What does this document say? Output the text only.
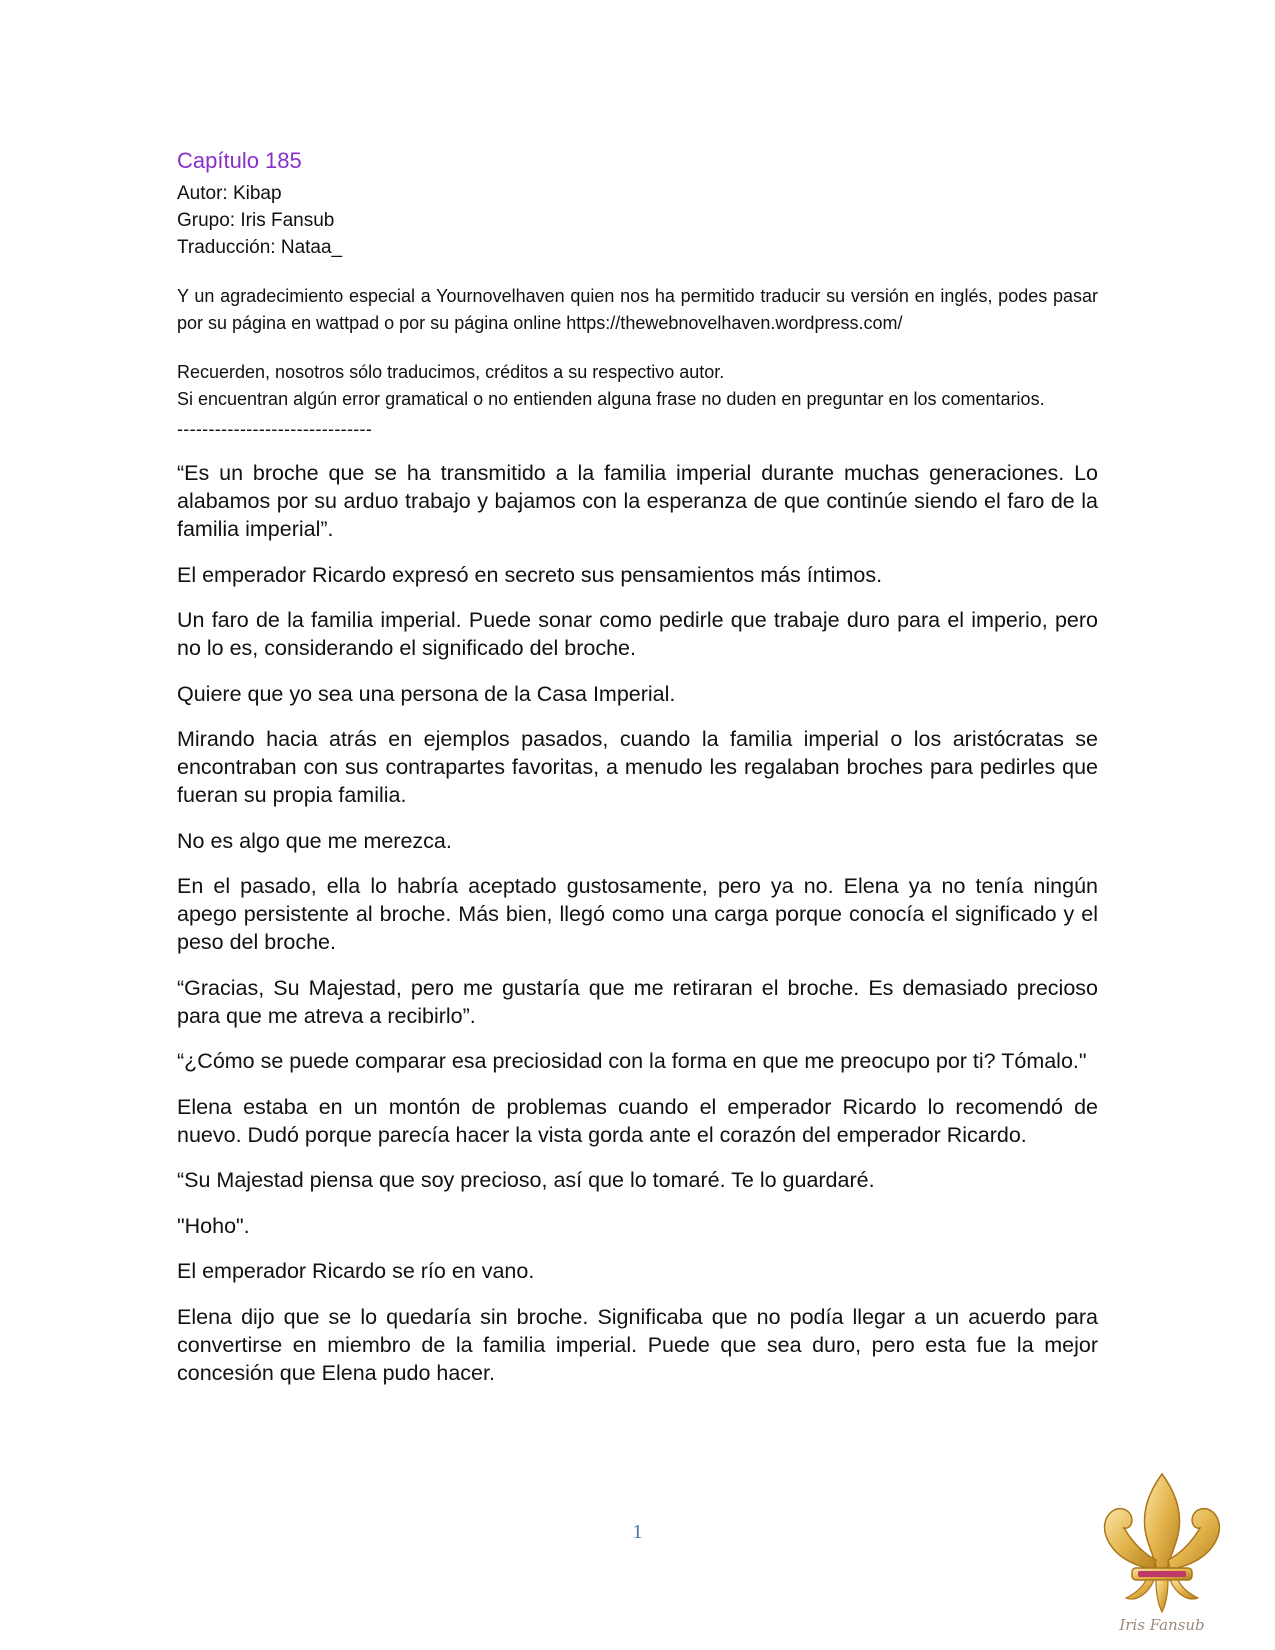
Capítulo 185

Autor: Kibap

Grupo: Iris Fansub

Traducción: Nataa_

Y un agradecimiento especial a Yournovelhaven quien nos ha permitido traducir su versión en inglés, podes pasar por su página en wattpad o por su página online https://thewebnovelhaven.wordpress.com/

Recuerden, nosotros sólo traducimos, créditos a su respectivo autor.

Si encuentran algún error gramatical o no entienden alguna frase no duden en preguntar en los comentarios.

-------------------------------

“Es un broche que se ha transmitido a la familia imperial durante muchas generaciones. Lo alabamos por su arduo trabajo y bajamos con la esperanza de que continúe siendo el faro de la familia imperial”.

El emperador Ricardo expresó en secreto sus pensamientos más íntimos.

Un faro de la familia imperial. Puede sonar como pedirle que trabaje duro para el imperio, pero no lo es, considerando el significado del broche.

Quiere que yo sea una persona de la Casa Imperial.

Mirando hacia atrás en ejemplos pasados, cuando la familia imperial o los aristócratas se encontraban con sus contrapartes favoritas, a menudo les regalaban broches para pedirles que fueran su propia familia.

No es algo que me merezca.

En el pasado, ella lo habría aceptado gustosamente, pero ya no. Elena ya no tenía ningún apego persistente al broche. Más bien, llegó como una carga porque conocía el significado y el peso del broche.

“Gracias, Su Majestad, pero me gustaría que me retiraran el broche. Es demasiado precioso para que me atreva a recibirlo”.

“¿Cómo se puede comparar esa preciosidad con la forma en que me preocupo por ti? Tómalo."

Elena estaba en un montón de problemas cuando el emperador Ricardo lo recomendó de nuevo. Dudó porque parecía hacer la vista gorda ante el corazón del emperador Ricardo.

“Su Majestad piensa que soy precioso, así que lo tomaré. Te lo guardaré.

"Hoho".

El emperador Ricardo se río en vano.

Elena dijo que se lo quedaría sin broche. Significaba que no podía llegar a un acuerdo para convertirse en miembro de la familia imperial. Puede que sea duro, pero esta fue la mejor concesión que Elena pudo hacer.

1
Iris Fansub
